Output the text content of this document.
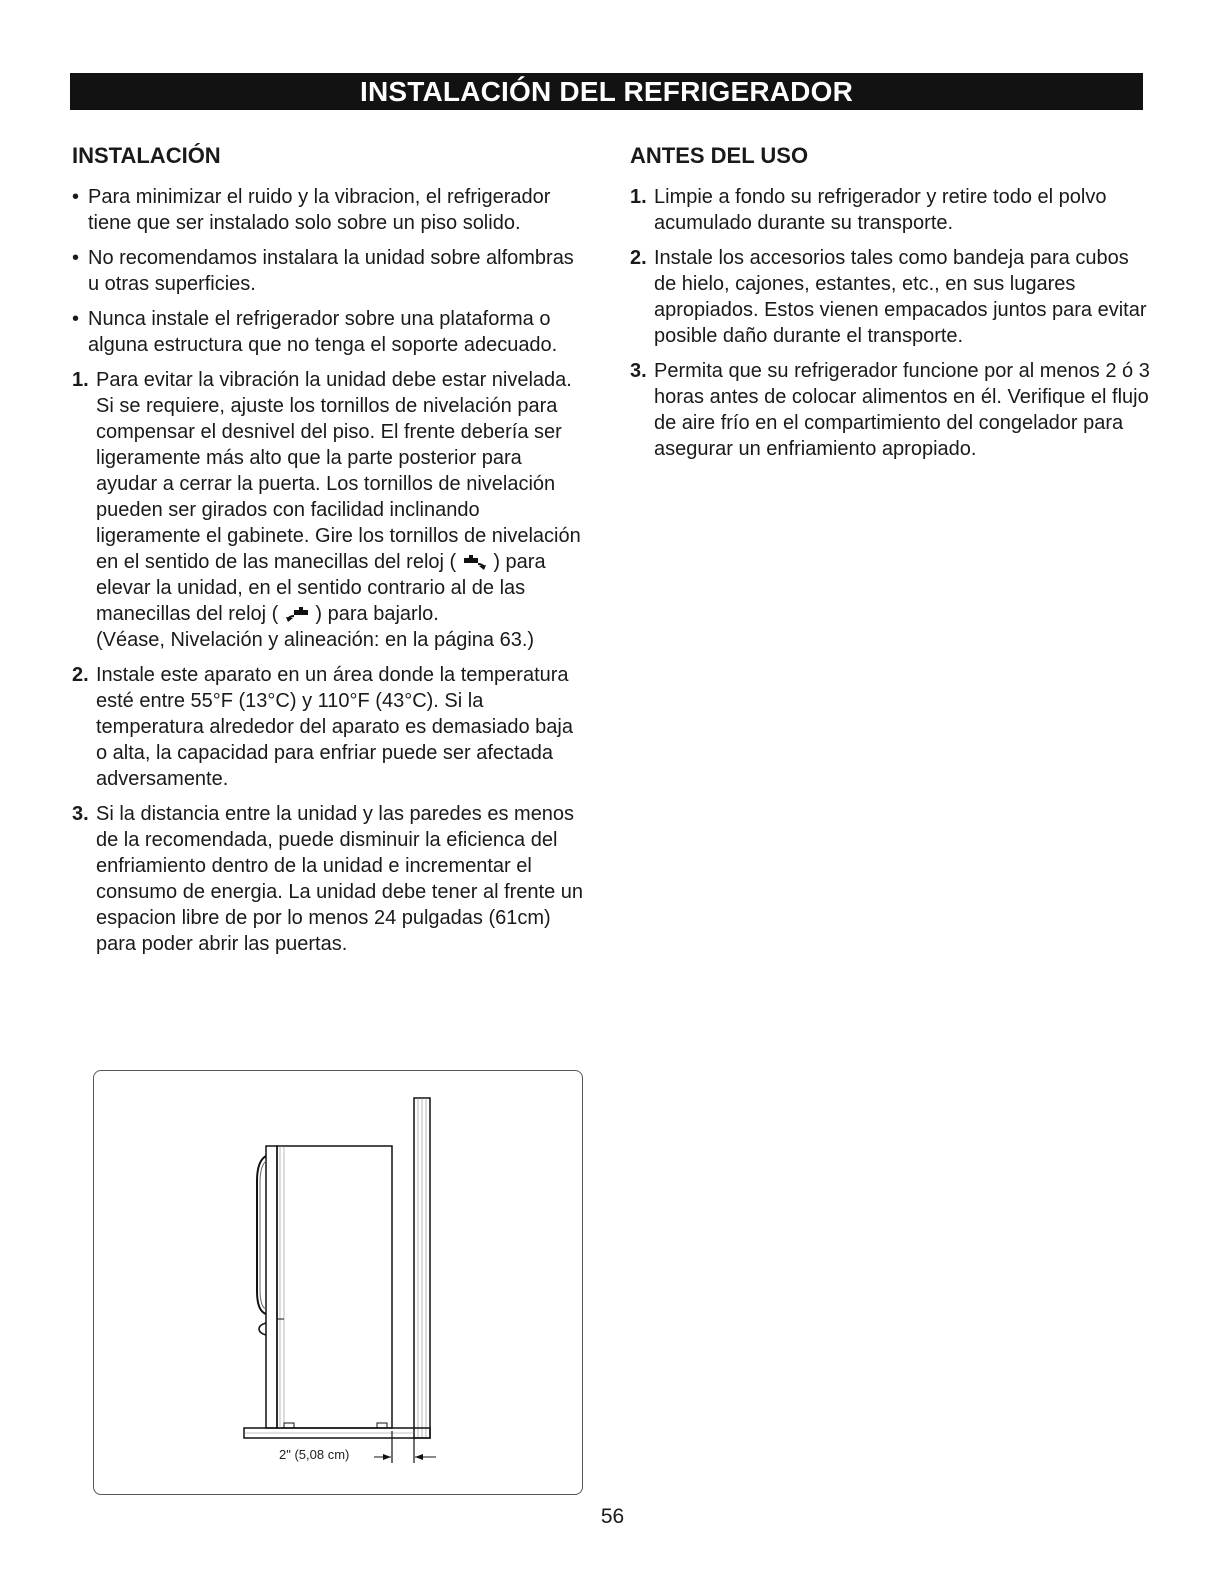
INSTALACIÓN DEL REFRIGERADOR
INSTALACIÓN

• Para minimizar el ruido y la vibracion, el refrigerador tiene que ser instalado solo sobre un piso solido.

• No recomendamos instalara la unidad sobre alfombras u otras superficies.

• Nunca instale el refrigerador sobre una plataforma o alguna estructura que no tenga el soporte adecuado.

1. Para evitar la vibración la unidad debe estar nivelada. Si se requiere, ajuste los tornillos de nivelación para compensar el desnivel del piso. El frente debería ser ligeramente más alto que la parte posterior para ayudar a cerrar la puerta. Los tornillos de nivelación pueden ser girados con facilidad inclinando ligeramente el gabinete. Gire los tornillos de nivelación en el sentido de las manecillas del reloj ( ) para elevar la unidad, en el sentido contrario al de las manecillas del reloj ( ) para bajarlo.
(Véase, Nivelación y alineación: en la página 63.)

2. Instale este aparato en un área donde la temperatura esté entre 55°F (13°C) y 110°F (43°C). Si la temperatura alrededor del aparato es demasiado baja o alta, la capacidad para enfriar puede ser afectada adversamente.

3. Si la distancia entre la unidad y las paredes es menos de la recomendada, puede disminuir la eficienca del enfriamiento dentro de la unidad e incrementar el consumo de energia. La unidad debe tener al frente un espacion libre de por lo menos 24 pulgadas (61cm) para poder abrir las puertas.

ANTES DEL USO

1. Limpie a fondo su refrigerador y retire todo el polvo acumulado durante su transporte.

2. Instale los accesorios tales como bandeja para cubos de hielo, cajones, estantes, etc., en sus lugares apropiados. Estos vienen empacados juntos para evitar posible daño durante el transporte.

3. Permita que su refrigerador funcione por al menos 2 ó 3 horas antes de colocar alimentos en él. Verifique el flujo de aire frío en el compartimiento del congelador para asegurar un enfriamiento apropiado.

2" (5,08 cm)
56
